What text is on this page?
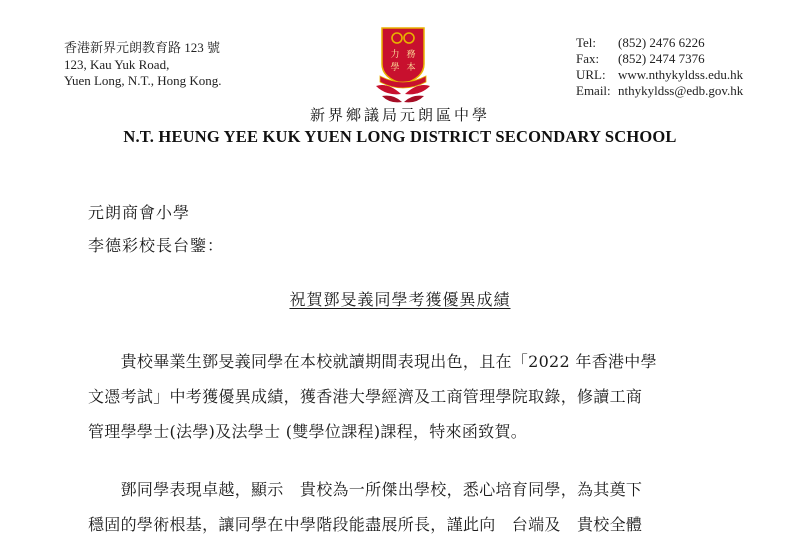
香港新界元朗教育路 123 號
123, Kau Yuk Road,
Yuen Long, N.T., Hong Kong.
力 務
學 本
Tel:	(852) 2476 6226
Fax:	(852) 2474 7376
URL: www.nthykyldss.edu.hk
Email: nthykyldss@edb.gov.hk
新界鄉議局元朗區中學
N.T. HEUNG YEE KUK YUEN LONG DISTRICT SECONDARY SCHOOL
元朗商會小學
李德彩校長台鑒：
祝賀鄧旻義同學考獲優異成績
　　貴校畢業生鄧旻義同學在本校就讀期間表現出色，且在「2022 年香港中學
文憑考試」中考獲優異成績，獲香港大學經濟及工商管理學院取錄，修讀工商
管理學學士(法學)及法學士 (雙學位課程)課程，特來函致賀。
　　鄧同學表現卓越，顯示　貴校為一所傑出學校，悉心培育同學，為其奠下
穩固的學術根基，讓同學在中學階段能盡展所長，謹此向　台端及　貴校全體
